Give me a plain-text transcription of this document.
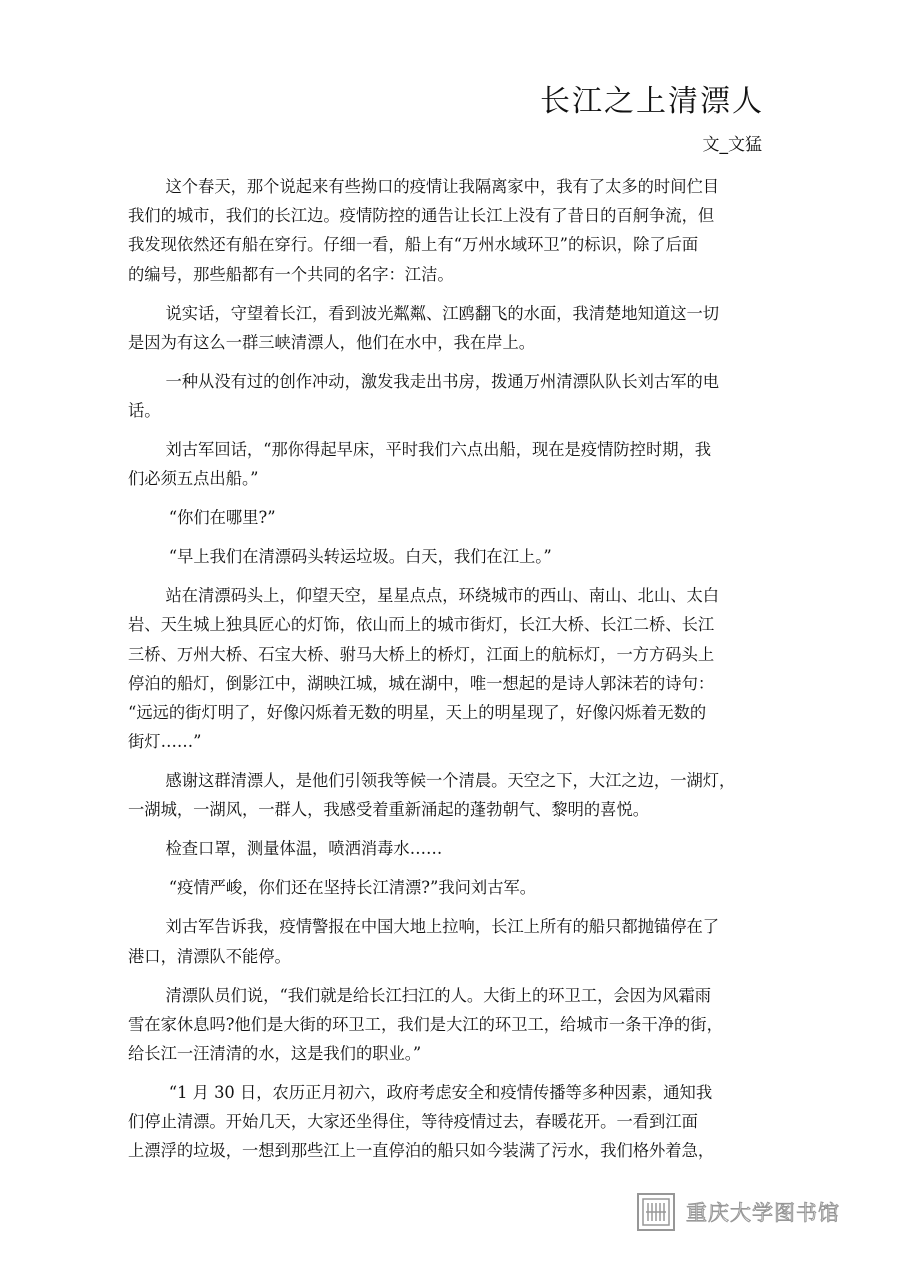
长江之上清漂人
文_文猛

这个春天，那个说起来有些拗口的疫情让我隔离家中，我有了太多的时间伫目
我们的城市，我们的长江边。疫情防控的通告让长江上没有了昔日的百舸争流，但
我发现依然还有船在穿行。仔细一看，船上有“万州水域环卫”的标识，除了后面
的编号，那些船都有一个共同的名字：江洁。

说实话，守望着长江，看到波光粼粼、江鸥翻飞的水面，我清楚地知道这一切
是因为有这么一群三峡清漂人，他们在水中，我在岸上。

一种从没有过的创作冲动，激发我走出书房，拨通万州清漂队队长刘古军的电
话。

刘古军回话，“那你得起早床，平时我们六点出船，现在是疫情防控时期，我
们必须五点出船。”

“你们在哪里?”

“早上我们在清漂码头转运垃圾。白天，我们在江上。”

站在清漂码头上，仰望天空，星星点点，环绕城市的西山、南山、北山、太白
岩、天生城上独具匠心的灯饰，依山而上的城市街灯，长江大桥、长江二桥、长江
三桥、万州大桥、石宝大桥、驸马大桥上的桥灯，江面上的航标灯，一方方码头上
停泊的船灯，倒影江中，湖映江城，城在湖中，唯一想起的是诗人郭沫若的诗句：
“远远的街灯明了，好像闪烁着无数的明星，天上的明星现了，好像闪烁着无数的
街灯……”

感谢这群清漂人，是他们引领我等候一个清晨。天空之下，大江之边，一湖灯，
一湖城，一湖风，一群人，我感受着重新涌起的蓬勃朝气、黎明的喜悦。

检查口罩，测量体温，喷洒消毒水……

“疫情严峻，你们还在坚持长江清漂?”我问刘古军。

刘古军告诉我，疫情警报在中国大地上拉响，长江上所有的船只都抛锚停在了
港口，清漂队不能停。

清漂队员们说，“我们就是给长江扫江的人。大街上的环卫工，会因为风霜雨
雪在家休息吗?他们是大街的环卫工，我们是大江的环卫工，给城市一条干净的街，
给长江一汪清清的水，这是我们的职业。”

“1 月 30 日，农历正月初六，政府考虑安全和疫情传播等多种因素，通知我
们停止清漂。开始几天，大家还坐得住，等待疫情过去，春暖花开。一看到江面
上漂浮的垃圾，一想到那些江上一直停泊的船只如今装满了污水，我们格外着急，

重庆大学图书馆
